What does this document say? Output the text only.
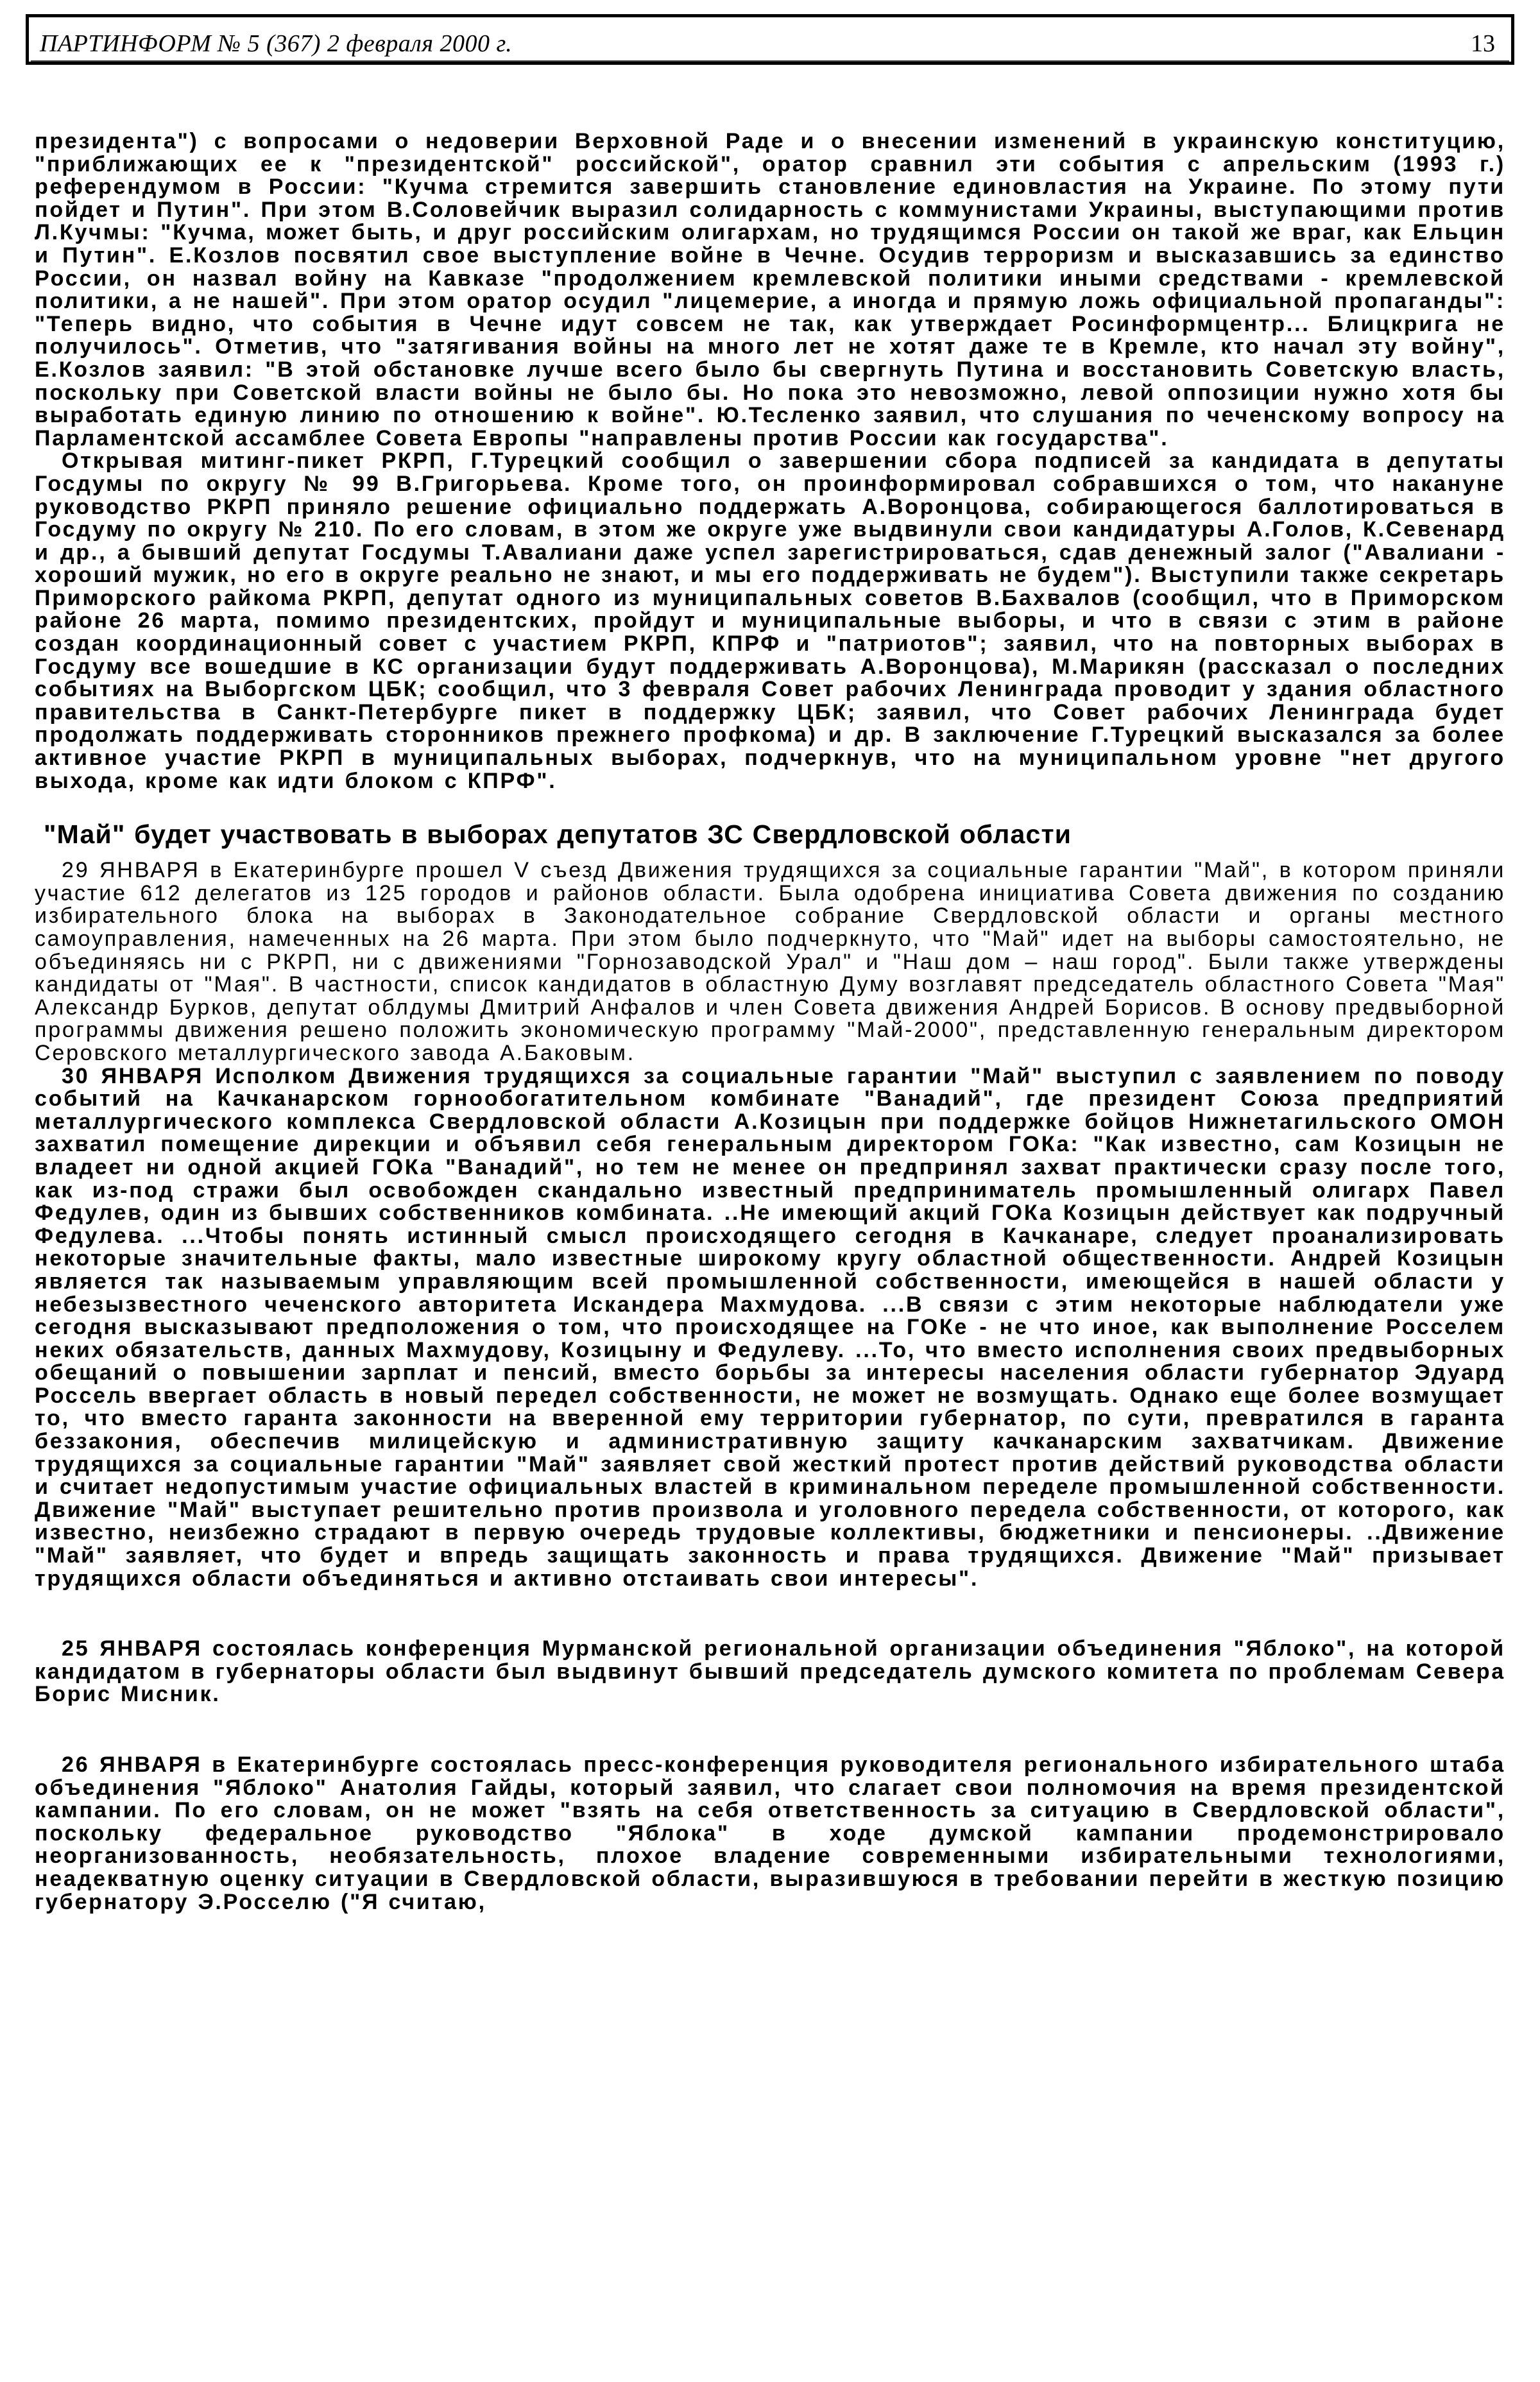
ПАРТИНФОРМ № 5 (367) 2 февраля 2000 г.	13

президента") с вопросами о недоверии Верховной Раде и о внесении изменений в украинскую конституцию, "приближающих ее к "президентской" российской", оратор сравнил эти события с апрельским (1993 г.) референдумом в России: "Кучма стремится завершить становление единовластия на Украине. По этому пути пойдет и Путин". При этом В.Соловейчик выразил солидарность с коммунистами Украины, выступающими против Л.Кучмы: "Кучма, может быть, и друг российским олигархам, но трудящимся России он такой же враг, как Ельцин и Путин". Е.Козлов посвятил свое выступление войне в Чечне. Осудив терроризм и высказавшись за единство России, он назвал войну на Кавказе "продолжением кремлевской политики иными средствами - кремлевской политики, а не нашей". При этом оратор осудил "лицемерие, а иногда и прямую ложь официальной пропаганды": "Теперь видно, что события в Чечне идут совсем не так, как утверждает Росинформцентр... Блицкрига не получилось". Отметив, что "затягивания войны на много лет не хотят даже те в Кремле, кто начал эту войну", Е.Козлов заявил: "В этой обстановке лучше всего было бы свергнуть Путина и восстановить Советскую власть, поскольку при Советской власти войны не было бы. Но пока это невозможно, левой оппозиции нужно хотя бы выработать единую линию по отношению к войне". Ю.Тесленко заявил, что слушания по чеченскому вопросу на Парламентской ассамблее Совета Европы "направлены против России как государства".

Открывая митинг-пикет РКРП, Г.Турецкий сообщил о завершении сбора подписей за кандидата в депутаты Госдумы по округу № 99 В.Григорьева. Кроме того, он проинформировал собравшихся о том, что накануне руководство РКРП приняло решение официально поддержать А.Воронцова, собирающегося баллотироваться в Госдуму по округу № 210. По его словам, в этом же округе уже выдвинули свои кандидатуры А.Голов, К.Севенард и др., а бывший депутат Госдумы Т.Авалиани даже успел зарегистрироваться, сдав денежный залог ("Авалиани - хороший мужик, но его в округе реально не знают, и мы его поддерживать не будем"). Выступили также секретарь Приморского райкома РКРП, депутат одного из муниципальных советов В.Бахвалов (сообщил, что в Приморском районе 26 марта, помимо президентских, пройдут и муниципальные выборы, и что в связи с этим в районе создан координационный совет с участием РКРП, КПРФ и "патриотов"; заявил, что на повторных выборах в Госдуму все вошедшие в КС организации будут поддерживать А.Воронцова), М.Марикян (рассказал о последних событиях на Выборгском ЦБК; сообщил, что 3 февраля Совет рабочих Ленинграда проводит у здания областного правительства в Санкт-Петербурге пикет в поддержку ЦБК; заявил, что Совет рабочих Ленинграда будет продолжать поддерживать сторонников прежнего профкома) и др. В заключение Г.Турецкий высказался за более активное участие РКРП в муниципальных выборах, подчеркнув, что на муниципальном уровне "нет другого выхода, кроме как идти блоком с КПРФ".

"Май" будет участвовать в выборах депутатов ЗС Свердловской области

29 ЯНВАРЯ в Екатеринбурге прошел V съезд Движения трудящихся за социальные гарантии "Май", в котором приняли участие 612 делегатов из 125 городов и районов области. Была одобрена инициатива Совета движения по созданию избирательного блока на выборах в Законодательное собрание Свердловской области и органы местного самоуправления, намеченных на 26 марта. При этом было подчеркнуто, что "Май" идет на выборы самостоятельно, не объединяясь ни с РКРП, ни с движениями "Горнозаводской Урал" и "Наш дом – наш город". Были также утверждены кандидаты от "Мая". В частности, список кандидатов в областную Думу возглавят председатель областного Совета "Мая" Александр Бурков, депутат облдумы Дмитрий Анфалов и член Совета движения Андрей Борисов. В основу предвыборной программы движения решено положить экономическую программу "Май-2000", представленную генеральным директором Серовского металлургического завода А.Баковым.

30 ЯНВАРЯ Исполком Движения трудящихся за социальные гарантии "Май" выступил с заявлением по поводу событий на Качканарском горнообогатительном комбинате "Ванадий", где президент Союза предприятий металлургического комплекса Свердловской области А.Козицын при поддержке бойцов Нижнетагильского ОМОН захватил помещение дирекции и объявил себя генеральным директором ГОКа: "Как известно, сам Козицын не владеет ни одной акцией ГОКа "Ванадий", но тем не менее он предпринял захват практически сразу после того, как из-под стражи был освобожден скандально известный предприниматель промышленный олигарх Павел Федулев, один из бывших собственников комбината. ..Не имеющий акций ГОКа Козицын действует как подручный Федулева. ...Чтобы понять истинный смысл происходящего сегодня в Качканаре, следует проанализировать некоторые значительные факты, мало известные широкому кругу областной общественности. Андрей Козицын является так называемым управляющим всей промышленной собственности, имеющейся в нашей области у небезызвестного чеченского авторитета Искандера Махмудова. ...В связи с этим некоторые наблюдатели уже сегодня высказывают предположения о том, что происходящее на ГОКе - не что иное, как выполнение Росселем неких обязательств, данных Махмудову, Козицыну и Федулеву. ...То, что вместо исполнения своих предвыборных обещаний о повышении зарплат и пенсий, вместо борьбы за интересы населения области губернатор Эдуард Россель ввергает область в новый передел собственности, не может не возмущать. Однако еще более возмущает то, что вместо гаранта законности на вверенной ему территории губернатор, по сути, превратился в гаранта беззакония, обеспечив милицейскую и административную защиту качканарским захватчикам. Движение трудящихся за социальные гарантии "Май" заявляет свой жесткий протест против действий руководства области и считает недопустимым участие официальных властей в криминальном переделе промышленной собственности. Движение "Май" выступает решительно против произвола и уголовного передела собственности, от которого, как известно, неизбежно страдают в первую очередь трудовые коллективы, бюджетники и пенсионеры. ..Движение "Май" заявляет, что будет и впредь защищать законность и права трудящихся. Движение "Май" призывает трудящихся области объединяться и активно отстаивать свои интересы".

25 ЯНВАРЯ состоялась конференция Мурманской региональной организации объединения "Яблоко", на которой кандидатом в губернаторы области был выдвинут бывший председатель думского комитета по проблемам Севера Борис Мисник.

26 ЯНВАРЯ в Екатеринбурге состоялась пресс-конференция руководителя регионального избирательного штаба объединения "Яблоко" Анатолия Гайды, который заявил, что слагает свои полномочия на время президентской кампании. По его словам, он не может "взять на себя ответственность за ситуацию в Свердловской области", поскольку федеральное руководство "Яблока" в ходе думской кампании продемонстрировало неорганизованность, необязательность, плохое владение современными избирательными технологиями, неадекватную оценку ситуации в Свердловской области, выразившуюся в требовании перейти в жесткую позицию губернатору Э.Росселю ("Я считаю,
